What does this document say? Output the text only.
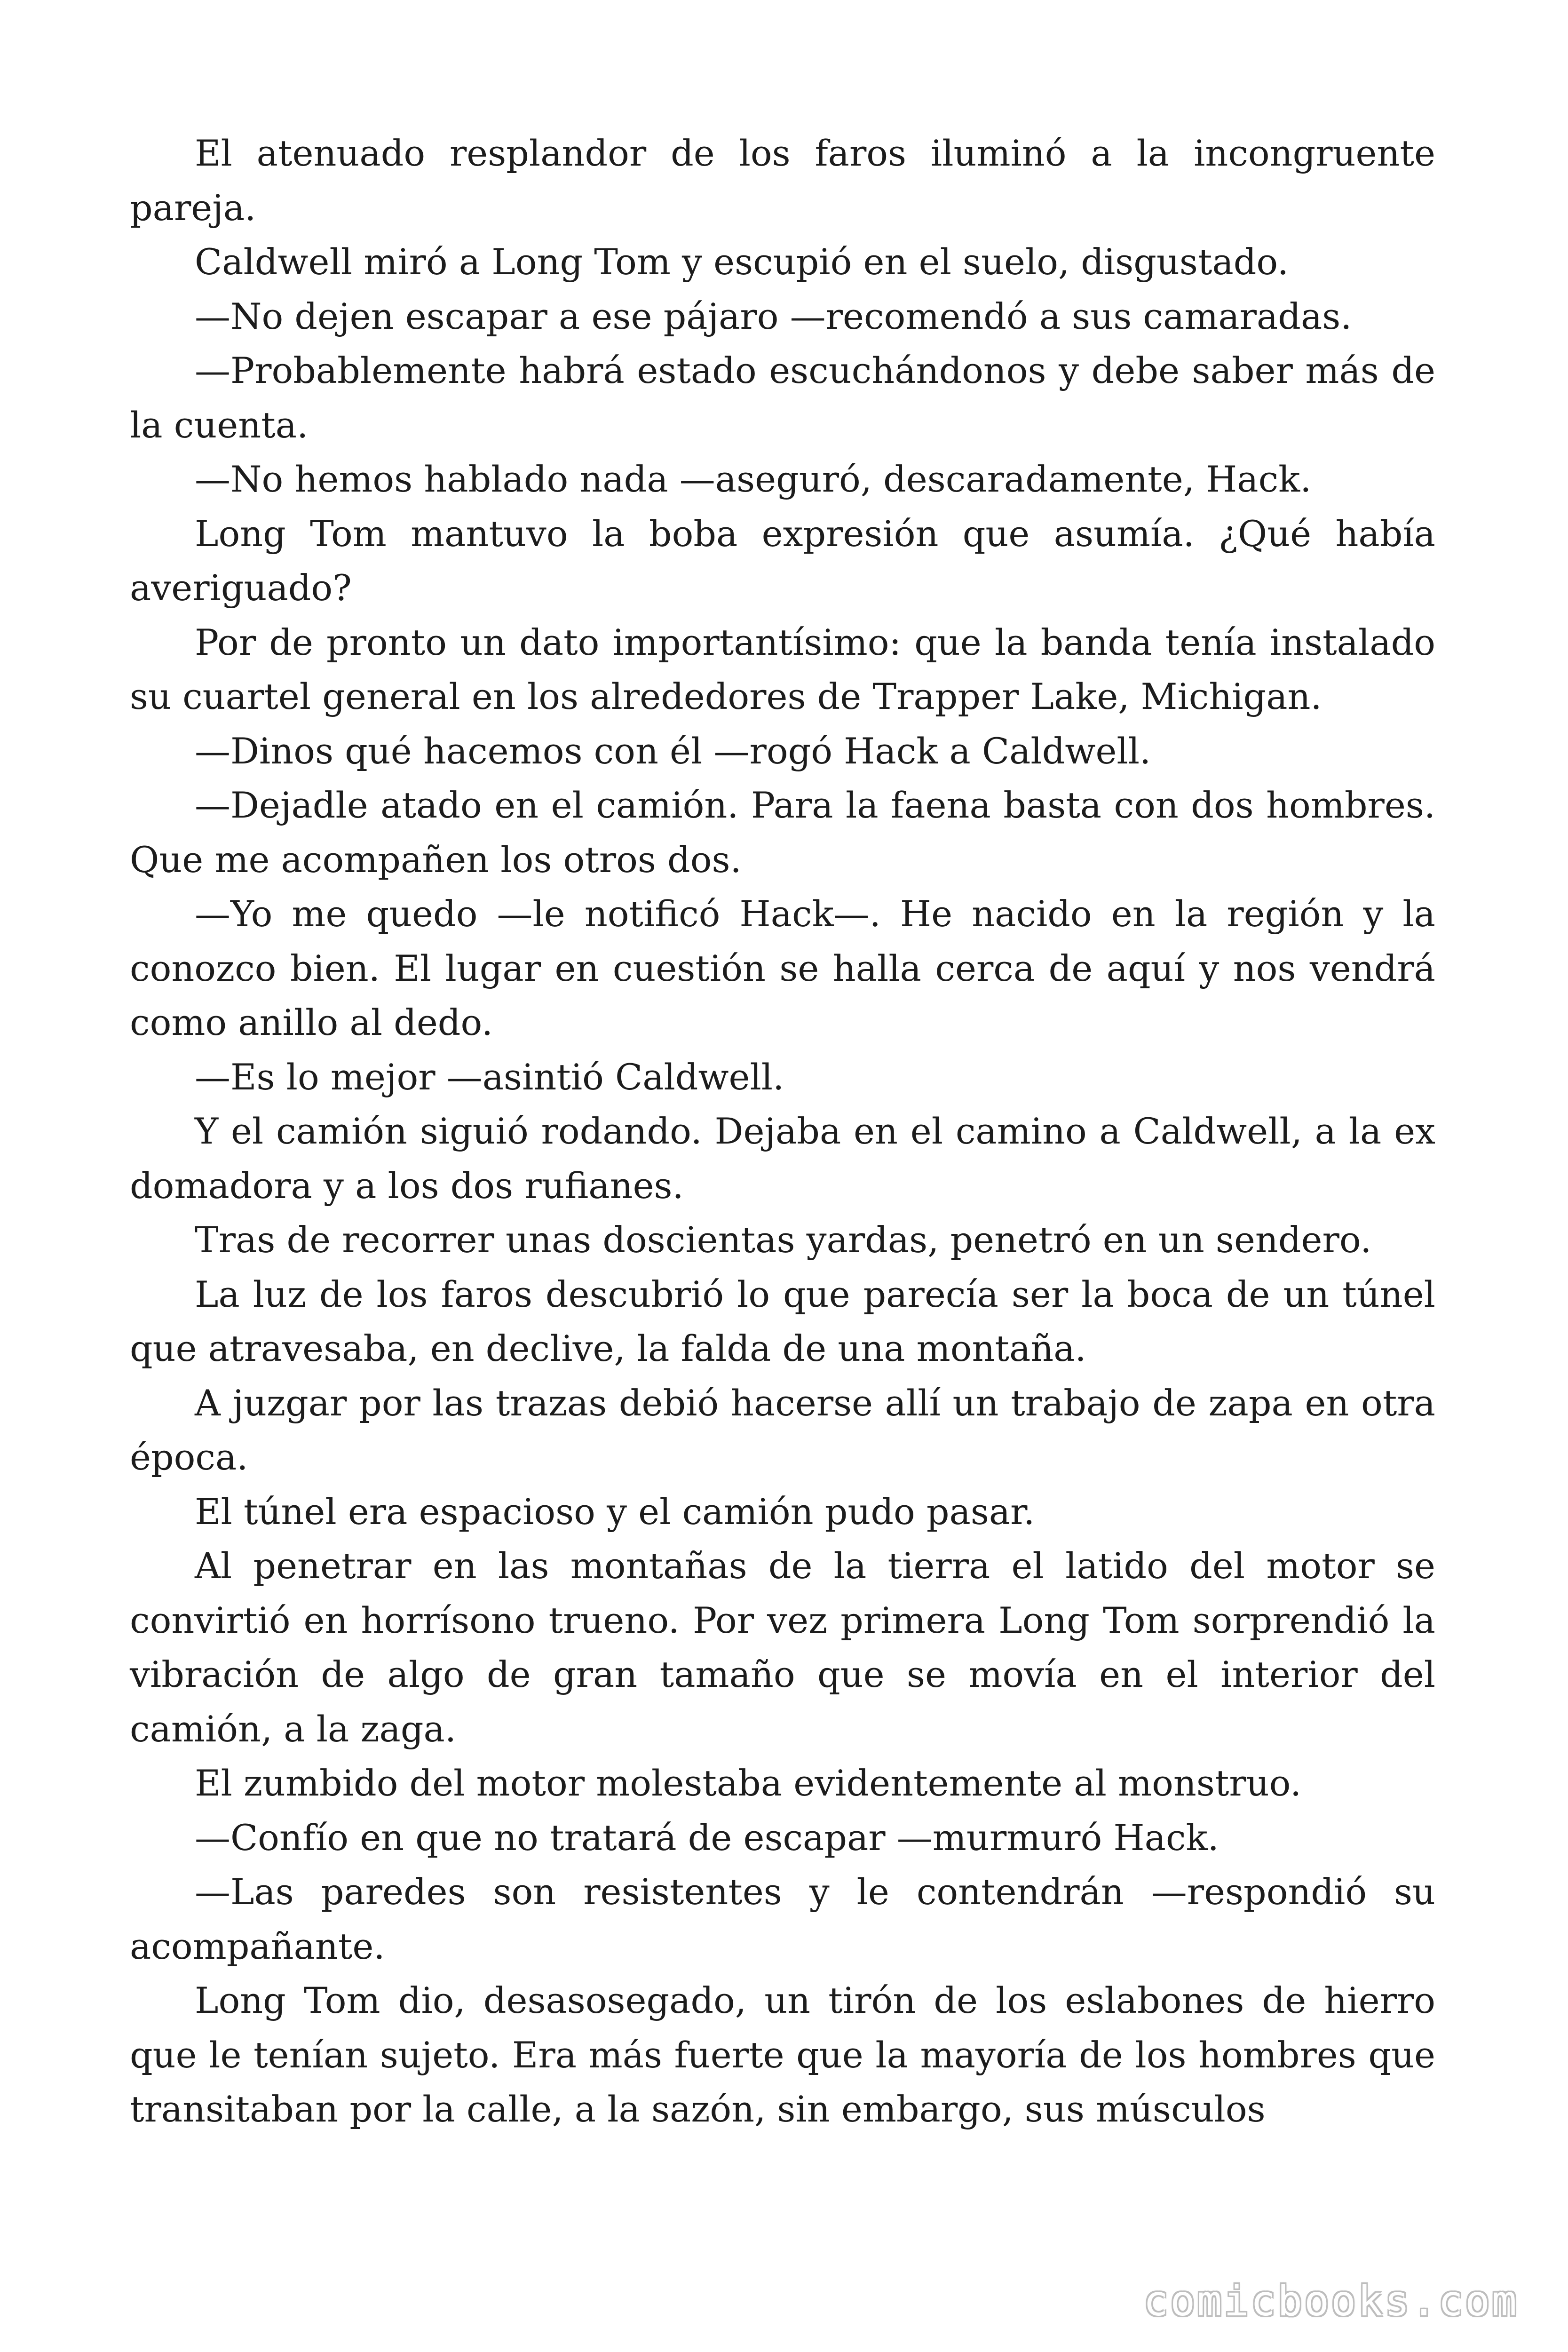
El atenuado resplandor de los faros iluminó a la incongruente pareja.

Caldwell miró a Long Tom y escupió en el suelo, disgustado.

—No dejen escapar a ese pájaro —recomendó a sus camaradas.

—Probablemente habrá estado escuchándonos y debe saber más de la cuenta.

—No hemos hablado nada —aseguró, descaradamente, Hack.

Long Tom mantuvo la boba expresión que asumía. ¿Qué había averiguado?

Por de pronto un dato importantísimo: que la banda tenía instalado su cuartel general en los alrededores de Trapper Lake, Michigan.

—Dinos qué hacemos con él —rogó Hack a Caldwell.

—Dejadle atado en el camión. Para la faena basta con dos hombres. Que me acompañen los otros dos.

—Yo me quedo —le notificó Hack—. He nacido en la región y la conozco bien. El lugar en cuestión se halla cerca de aquí y nos vendrá como anillo al dedo.

—Es lo mejor —asintió Caldwell.

Y el camión siguió rodando. Dejaba en el camino a Caldwell, a la ex domadora y a los dos rufianes.

Tras de recorrer unas doscientas yardas, penetró en un sendero.

La luz de los faros descubrió lo que parecía ser la boca de un túnel que atravesaba, en declive, la falda de una montaña.

A juzgar por las trazas debió hacerse allí un trabajo de zapa en otra época.

El túnel era espacioso y el camión pudo pasar.

Al penetrar en las montañas de la tierra el latido del motor se convirtió en horrísono trueno. Por vez primera Long Tom sorprendió la vibración de algo de gran tamaño que se movía en el interior del camión, a la zaga.

El zumbido del motor molestaba evidentemente al monstruo.

—Confío en que no tratará de escapar —murmuró Hack.

—Las paredes son resistentes y le contendrán —respondió su acompañante.

Long Tom dio, desasosegado, un tirón de los eslabones de hierro que le tenían sujeto. Era más fuerte que la mayoría de los hombres que transitaban por la calle, a la sazón, sin embargo, sus músculos

comicbooks.com
